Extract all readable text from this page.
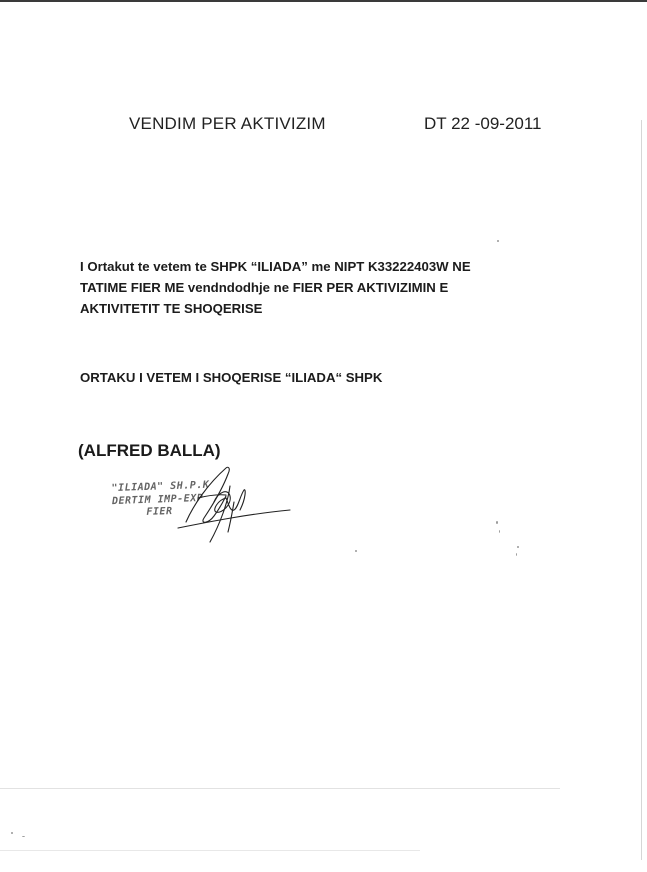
VENDIM PER AKTIVIZIM	DT 22 -09-2011
I Ortakut te vetem te SHPK “ILIADA” me NIPT K33222403W NE
TATIME FIER ME vendndodhje ne FIER PER AKTIVIZIMIN E
AKTIVITETIT TE SHOQERISE
ORTAKU I VETEM I SHOQERISE “ILIADA“ SHPK
(ALFRED BALLA)
"ILIADA" SH.P.K
DERTIM IMP-EXP
FIER
